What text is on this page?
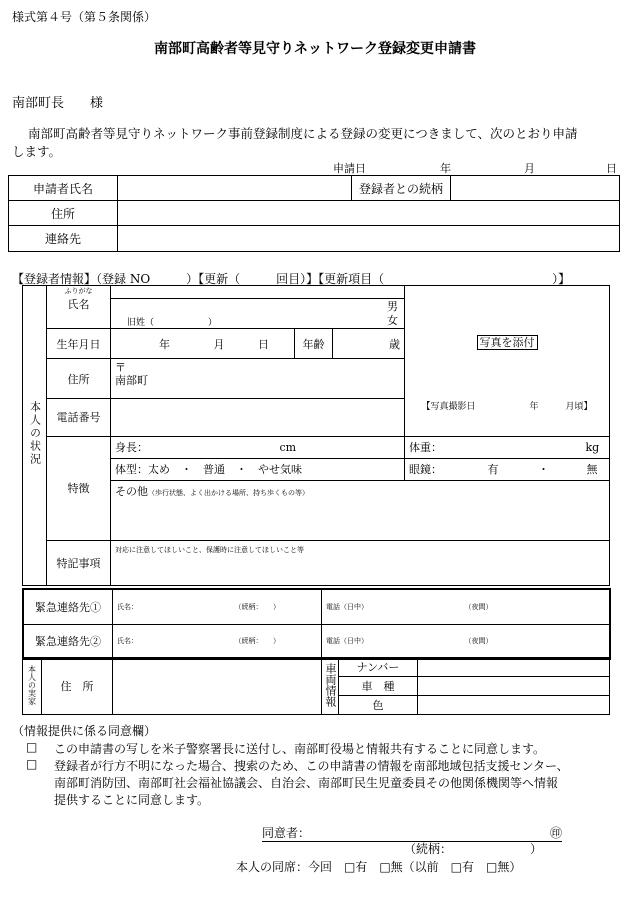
様式第４号（第５条関係）
南部町高齢者等見守りネットワーク登録変更申請書
南部町長　　様
南部町高齢者等見守りネットワーク事前登録制度による登録の変更につきまして、次のとおり申請
します。
申請日	年	月	日
申請者氏名		登録者との続柄	
住所			
連絡先			
【登録者情報】（登録 NO　　　）【更新（　　　回目）】【更新項目（　　　　　　　　　　　　　　）】
本人の状況	ふりがな
氏名				写真を添付

		旧姓（　　　　　　）
男
女			

	生年月日	年 月 日	年齢	歳	
	住所	〒
南部町			
	電話番号				【写真撮影日　　　　　　年　　　月頃】
	特徴	身長： cm			体重： kg
		体型：太め　・　普通　・　やせ気味			眼鏡： 有 ・ 無
		その他（歩行状態、よく出かける場所、持ち歩くもの等）			
	特記事項	対応に注意してほしいこと、保護時に注意してほしいこと等			
緊急連絡先①	氏名： （続柄：　　）	電話（日中） （夜間）
緊急連絡先②	氏名： （続柄：　　）	電話（日中） （夜間）
本人の実家	住　所		車両情報	ナンバー	
				車　種	
				色	
（情報提供に係る同意欄）
□ この申請書の写しを米子警察署長に送付し、南部町役場と情報共有することに同意します。
□ 登録者が行方不明になった場合、捜索のため、この申請書の情報を南部地域包括支援センター、
南部町消防団、南部町社会福祉協議会、自治会、南部町民生児童委員その他関係機関等へ情報
提供することに同意します。
同意者：	㊞
（続柄：　　　　　　　）
本人の同席：今回　□有　□無（以前　□有　□無）
